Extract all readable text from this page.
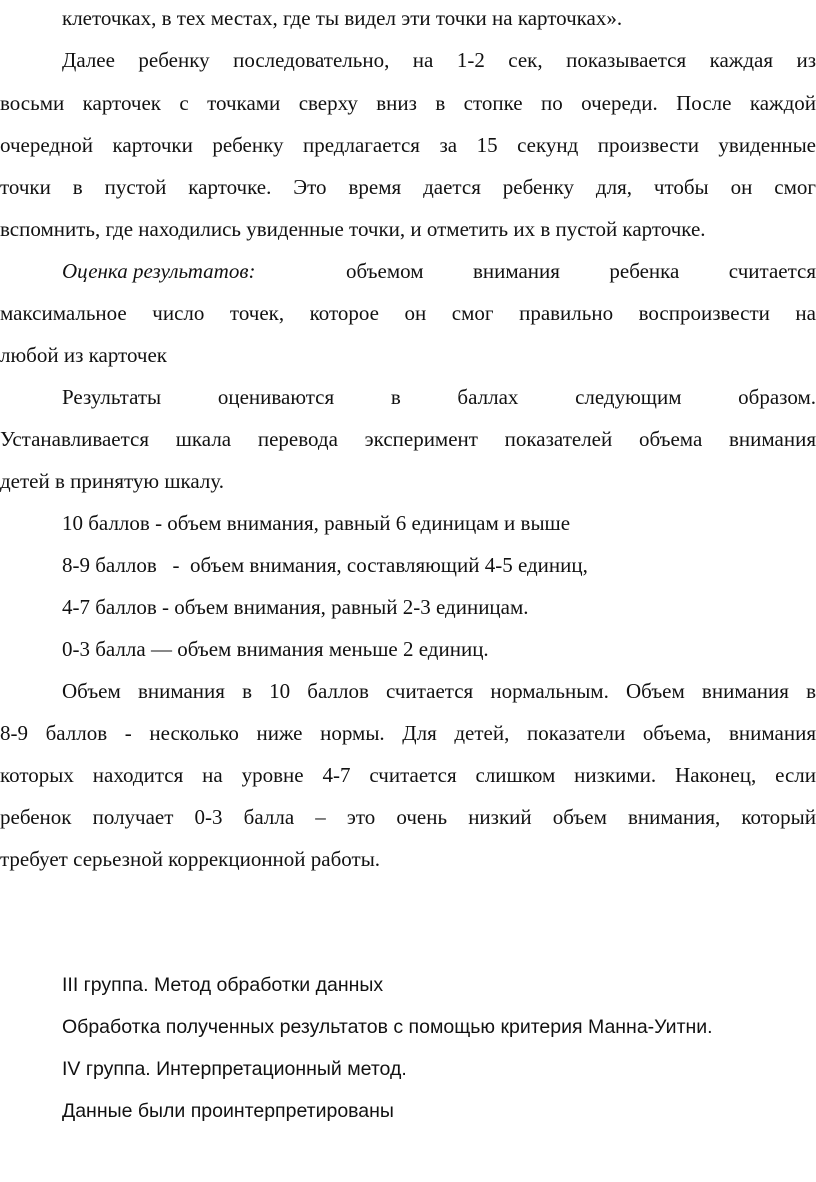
клеточках, в тех местах, где ты видел эти точки на карточках».
Далее ребенку последовательно, на 1-2 сек, показывается каждая из
восьми карточек с точками сверху вниз в стопке по очереди. После каждой
очередной карточки ребенку предлагается за 15 секунд произвести увиденные
точки в пустой карточке. Это время дается ребенку для, чтобы он смог
вспомнить, где находились увиденные точки, и отметить их в пустой карточке.
Оценка результатов:	объемом внимания ребенка считается
максимальное число точек, которое он смог правильно воспроизвести на
любой из карточек
Результаты оцениваются в баллах следующим образом.
Устанавливается шкала перевода эксперимент показателей объема внимания
детей в принятую шкалу.
10 баллов - объем внимания, равный 6 единицам и выше
8-9 баллов   -  объем внимания, составляющий 4-5 единиц,
4-7 баллов - объем внимания, равный 2-3 единицам.
0-3 балла — объем внимания меньше 2 единиц.
Объем внимания в 10 баллов считается нормальным. Объем внимания в
8-9 баллов - несколько ниже нормы. Для детей, показатели объема, внимания
которых находится на уровне 4-7 считается слишком низкими. Наконец, если
ребенок получает 0-3 балла – это очень низкий объем внимания, который
требует серьезной коррекционной работы.
III группа. Метод обработки данных
Обработка полученных результатов с помощью критерия Манна-Уитни.
IV группа. Интерпретационный метод.
Данные были проинтерпретированы
